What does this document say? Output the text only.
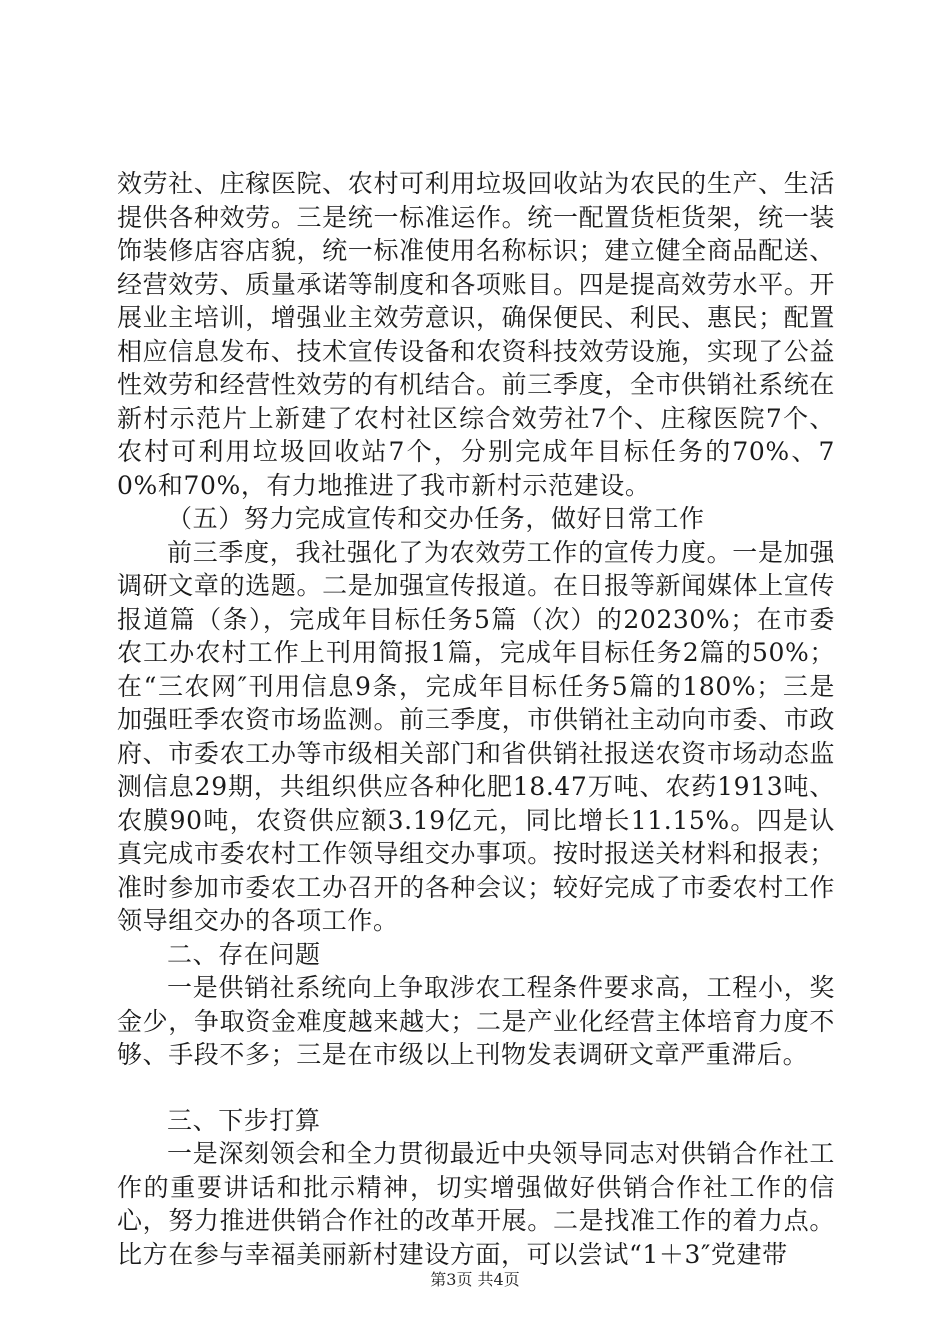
效劳社、庄稼医院、农村可利用垃圾回收站为农民的生产、生活提供各种效劳。三是统一标准运作。统一配置货柜货架，统一装饰装修店容店貌，统一标准使用名称标识；建立健全商品配送、经营效劳、质量承诺等制度和各项账目。四是提高效劳水平。开展业主培训，增强业主效劳意识，确保便民、利民、惠民；配置相应信息发布、技术宣传设备和农资科技效劳设施，实现了公益性效劳和经营性效劳的有机结合。前三季度，全市供销社系统在新村示范片上新建了农村社区综合效劳社7个、庄稼医院7个、农村可利用垃圾回收站7个，分别完成年目标任务的70%、70%和70%，有力地推进了我市新村示范建设。

（五）努力完成宣传和交办任务，做好日常工作

前三季度，我社强化了为农效劳工作的宣传力度。一是加强调研文章的选题。二是加强宣传报道。在日报等新闻媒体上宣传报道篇（条），完成年目标任务5篇（次）的20230%；在市委农工办农村工作上刊用简报1篇，完成年目标任务2篇的50%；在“三农网″刊用信息9条，完成年目标任务5篇的180%；三是加强旺季农资市场监测。前三季度，市供销社主动向市委、市政府、市委农工办等市级相关部门和省供销社报送农资市场动态监测信息29期，共组织供应各种化肥18.47万吨、农药1913吨、农膜90吨，农资供应额3.19亿元，同比增长11.15%。四是认真完成市委农村工作领导组交办事项。按时报送关材料和报表；准时参加市委农工办召开的各种会议；较好完成了市委农村工作领导组交办的各项工作。

二、存在问题

一是供销社系统向上争取涉农工程条件要求高，工程小，奖金少，争取资金难度越来越大；二是产业化经营主体培育力度不够、手段不多；三是在市级以上刊物发表调研文章严重滞后。

三、下步打算

一是深刻领会和全力贯彻最近中央领导同志对供销合作社工作的重要讲话和批示精神，切实增强做好供销合作社工作的信心，努力推进供销合作社的改革开展。二是找准工作的着力点。比方在参与幸福美丽新村建设方面，可以尝试“1＋3″党建带

第3页 共4页
